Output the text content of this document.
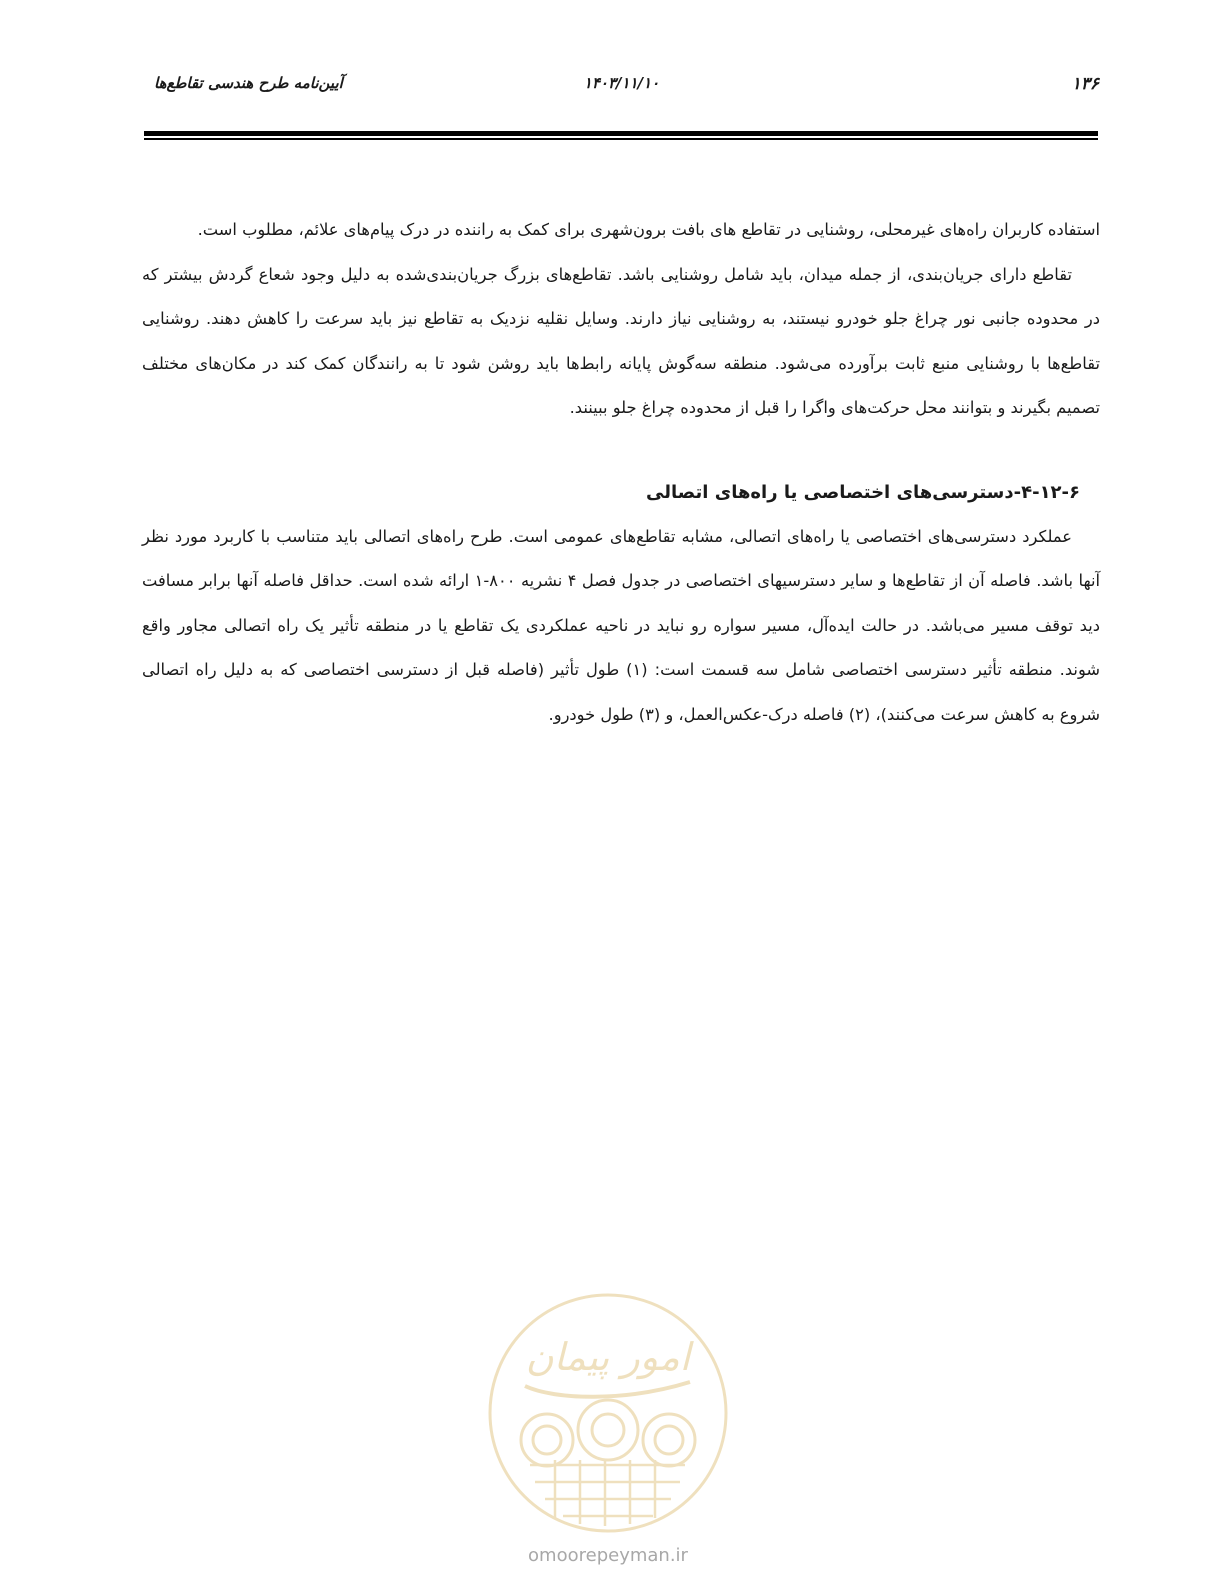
۱۳۶
۱۴۰۳/۱۱/۱۰
آیین‌نامه طرح هندسی تقاطع‌ها

استفاده کاربران راه‌های غیرمحلی، روشنایی در تقاطع های بافت برون‌شهری برای کمک به راننده در درک پیام‌های علائم، مطلوب است.

تقاطع دارای جریان‌بندی، از جمله میدان، باید شامل روشنایی باشد. تقاطع‌های بزرگ جریان‌بندی‌شده به دلیل وجود شعاع گردش بیشتر که در محدوده جانبی نور چراغ جلو خودرو نیستند، به روشنایی نیاز دارند. وسایل نقلیه نزدیک به تقاطع نیز باید سرعت را کاهش دهند. روشنایی تقاطع‌ها با روشنایی منبع ثابت برآورده می‌شود. منطقه سه‌گوش پایانه رابط‌ها باید روشن شود تا به رانندگان کمک کند در مکان‌های مختلف تصمیم بگیرند و بتوانند محل حرکت‌های واگرا را قبل از محدوده چراغ جلو ببینند.

۴-۱۲-۶-دسترسی‌های اختصاصی یا راه‌های اتصالی

عملکرد دسترسی‌های اختصاصی یا راه‌های اتصالی، مشابه تقاطع‌های عمومی است. طرح راه‌های اتصالی باید متناسب با کاربرد مورد نظر آنها باشد. فاصله آن از تقاطع‌ها و سایر دسترسیهای اختصاصی در جدول فصل ۴ نشریه ۸۰۰-۱ ارائه شده است. حداقل فاصله آنها برابر مسافت دید توقف مسیر می‌باشد. در حالت ایده‌آل، مسیر سواره رو نباید در ناحیه عملکردی یک تقاطع یا در منطقه تأثیر یک راه اتصالی مجاور واقع شوند. منطقه تأثیر دسترسی اختصاصی شامل سه قسمت است: (۱) طول تأثیر (فاصله قبل از دسترسی اختصاصی که به دلیل راه اتصالی شروع به کاهش سرعت می‌کنند)، (۲) فاصله درک-عکس‌العمل، و (۳) طول خودرو.

امور پیمان
omoorepeyman.ir
